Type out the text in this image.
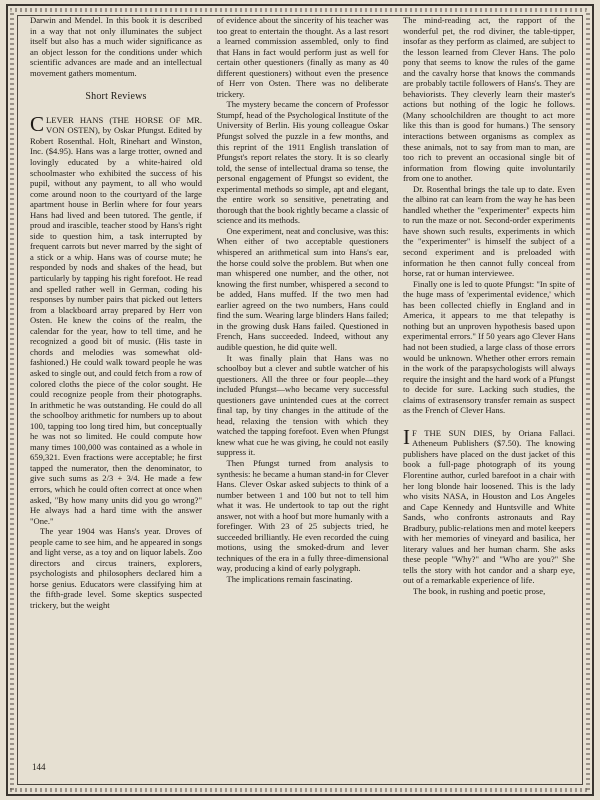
Darwin and Mendel. In this book it is described in a way that not only illuminates the subject itself but also has a much wider significance as an object lesson for the conditions under which scientific advances are made and an intellectual movement gathers momentum.

Short Reviews

CLEVER HANS (THE HORSE OF MR. VON OSTEN), by Oskar Pfungst. Edited by Robert Rosenthal. Holt, Rinehart and Winston, Inc. ($4.95). Hans was a large trotter, owned and lovingly educated by a white-haired old schoolmaster who exhibited the success of his pupil, without any payment, to all who would come around noon to the courtyard of the large apartment house in Berlin where for four years Hans had lived and been tutored. The gentle, if proud and irascible, teacher stood by Hans's right side to question him, a task interrupted by frequent carrots but never marred by the sight of a stick or a whip. Hans was of course mute; he responded by nods and shakes of the head, but particularly by tapping his right forefoot. He read and spelled rather well in German, coding his responses by number pairs that picked out letters from a blackboard array prepared by Herr von Osten. He knew the coins of the realm, the calendar for the year, how to tell time, and he recognized a good bit of music. (His taste in chords and melodies was somewhat old-fashioned.) He could walk toward people he was asked to single out, and could fetch from a row of colored cloths the piece of the color sought. He could recognize people from their photographs. In arithmetic he was outstanding. He could do all the schoolboy arithmetic for numbers up to about 100, tapping too long tired him, but conceptually he was not so limited. He could compute how many times 100,000 was contained as a whole in 659,321. Even fractions were acceptable; he first tapped the numerator, then the denominator, to give such sums as 2/3 + 3/4. He made a few errors, which he could often correct at once when asked, "By how many units did you go wrong?" He always had a hard time with the answer "One."

The year 1904 was Hans's year. Droves of people came to see him, and he appeared in songs and light verse, as a toy and on liquor labels. Zoo directors and circus trainers, explorers, psychologists and philosophers declared him a horse genius. Educators were classifying him at the fifth-grade level. Some skeptics suspected trickery, but the weight

of evidence about the sincerity of his teacher was too great to entertain the thought. As a last resort a learned commission assembled, only to find that Hans in fact would perform just as well for certain other questioners (finally as many as 40 different questioners) without even the presence of Herr von Osten. There was no deliberate trickery.

The mystery became the concern of Professor Stumpf, head of the Psychological Institute of the University of Berlin. His young colleague Oskar Pfungst solved the puzzle in a few months, and this reprint of the 1911 English translation of Pfungst's report relates the story. It is so clearly told, the sense of intellectual drama so tense, the personal engagement of Pfungst so evident, the experimental methods so simple, apt and elegant, the entire work so sensitive, penetrating and thorough that the book rightly became a classic of science and its methods.

One experiment, neat and conclusive, was this: When either of two acceptable questioners whispered an arithmetical sum into Hans's ear, the horse could solve the problem. But when one man whispered one number, and the other, not knowing the first number, whispered a second to be added, Hans muffed. If the two men had earlier agreed on the two numbers, Hans could find the sum. Wearing large blinders Hans failed; in the growing dusk Hans failed. Questioned in French, Hans succeeded. Indeed, without any audible question, he did quite well.

It was finally plain that Hans was no schoolboy but a clever and subtle watcher of his questioners. All the three or four people—they included Pfungst—who became very successful questioners gave unintended cues at the correct final tap, by tiny changes in the attitude of the head, relaxing the tension with which they watched the tapping forefoot. Even when Pfungst knew what cue he was giving, he could not easily suppress it.

Then Pfungst turned from analysis to synthesis: he became a human stand-in for Clever Hans. Clever Oskar asked subjects to think of a number between 1 and 100 but not to tell him what it was. He undertook to tap out the right answer, not with a hoof but more humanly with a forefinger. With 23 of 25 subjects tried, he succeeded brilliantly. He even recorded the cuing motions, using the smoked-drum and lever techniques of the era in a fully three-dimensional way, producing a kind of early polygraph.

The implications remain fascinating.

The mind-reading act, the rapport of the wonderful pet, the rod diviner, the table-tipper, insofar as they perform as claimed, are subject to the lesson learned from Clever Hans. The polo pony that seems to know the rules of the game and the cavalry horse that knows the commands are probably tactile followers of Hans's. They are behaviorists. They cleverly learn their master's actions but nothing of the logic he follows. (Many schoolchildren are thought to act more like this than is good for humans.) The sensory interactions between organisms as complex as these animals, not to say from man to man, are too rich to prevent an occasional single bit of information from flowing quite involuntarily from one to another.

Dr. Rosenthal brings the tale up to date. Even the albino rat can learn from the way he has been handled whether the "experimenter" expects him to run the maze or not. Second-order experiments have shown such results, experiments in which the "experimenter" is himself the subject of a second experiment and is preloaded with information he then cannot fully conceal from horse, rat or human interviewee.

Finally one is led to quote Pfungst: "In spite of the huge mass of 'experimental evidence,' which has been collected chiefly in England and in America, it appears to me that telepathy is nothing but an unproven hypothesis based upon experimental errors." If 50 years ago Clever Hans had not been studied, a large class of those errors would be unknown. Whether other errors remain in the work of the parapsychologists will always require the insight and the hard work of a Pfungst to decide for sure. Lacking such studies, the claims of extrasensory transfer remain as suspect as the French of Clever Hans.

I F THE SUN DIES, by Oriana Fallaci. Atheneum Publishers ($7.50). The knowing publishers have placed on the dust jacket of this book a full-page photograph of its young Florentine author, curled barefoot in a chair with her long blonde hair loosened. This is the lady who visits NASA, in Houston and Los Angeles and Cape Kennedy and Huntsville and White Sands, who confronts astronauts and Ray Bradbury, public-relations men and motel keepers with her memories of vineyard and basilica, her literary values and her human charm. She asks these people "Why?" and "Who are you?" She tells the story with hot candor and a sharp eye, out of a remarkable experience of life.

The book, in rushing and poetic prose,

144
